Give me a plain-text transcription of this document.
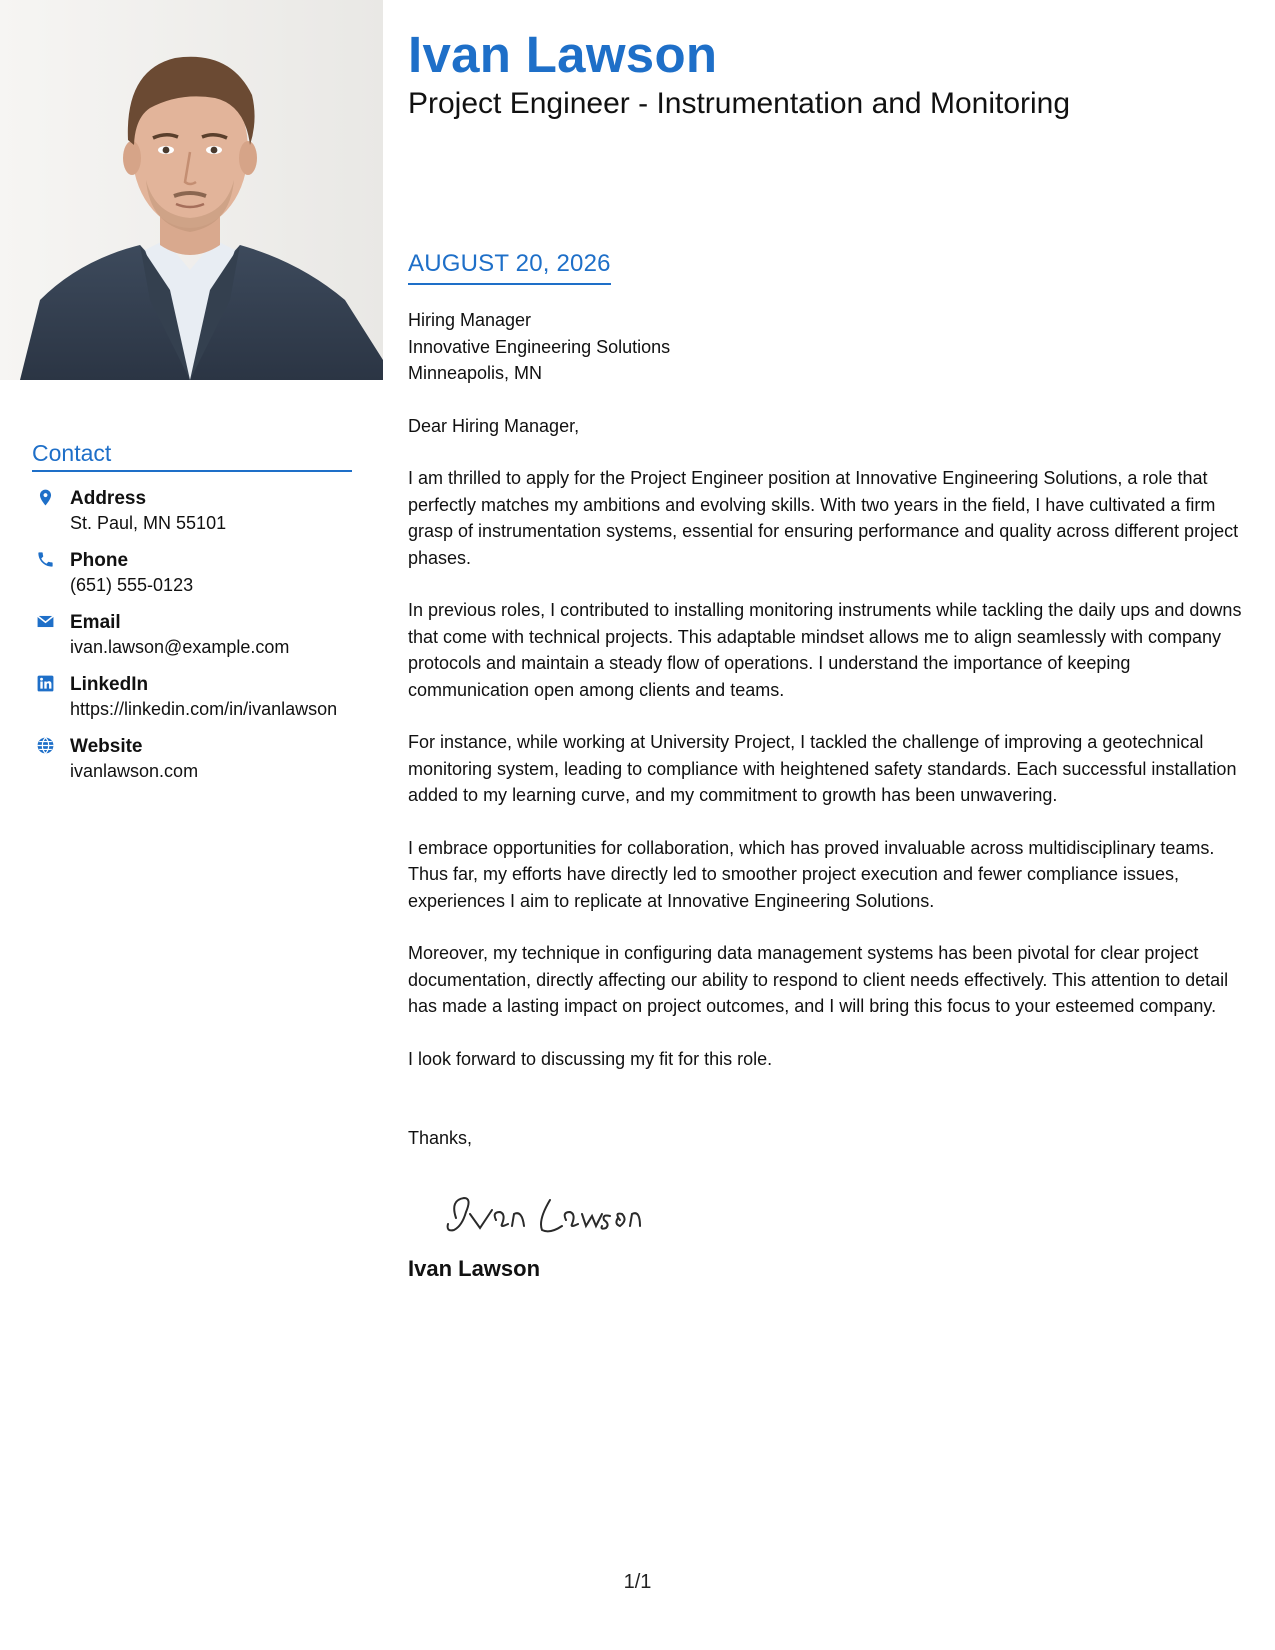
Contact
Address
St. Paul, MN 55101
Phone
(651) 555-0123
Email
ivan.lawson@example.com
LinkedIn
https://linkedin.com/in/ivanlawson
Website
ivanlawson.com
Ivan Lawson
Project Engineer - Instrumentation and Monitoring
AUGUST 20, 2026
Hiring Manager
Innovative Engineering Solutions
Minneapolis, MN
Dear Hiring Manager,
I am thrilled to apply for the Project Engineer position at Innovative Engineering Solutions, a role that perfectly matches my ambitions and evolving skills. With two years in the field, I have cultivated a firm grasp of instrumentation systems, essential for ensuring performance and quality across different project phases.
In previous roles, I contributed to installing monitoring instruments while tackling the daily ups and downs that come with technical projects. This adaptable mindset allows me to align seamlessly with company protocols and maintain a steady flow of operations. I understand the importance of keeping communication open among clients and teams.
For instance, while working at University Project, I tackled the challenge of improving a geotechnical monitoring system, leading to compliance with heightened safety standards. Each successful installation added to my learning curve, and my commitment to growth has been unwavering.
I embrace opportunities for collaboration, which has proved invaluable across multidisciplinary teams. Thus far, my efforts have directly led to smoother project execution and fewer compliance issues, experiences I aim to replicate at Innovative Engineering Solutions.
Moreover, my technique in configuring data management systems has been pivotal for clear project documentation, directly affecting our ability to respond to client needs effectively. This attention to detail has made a lasting impact on project outcomes, and I will bring this focus to your esteemed company.
I look forward to discussing my fit for this role.
Thanks,
Ivan Lawson
1/1
